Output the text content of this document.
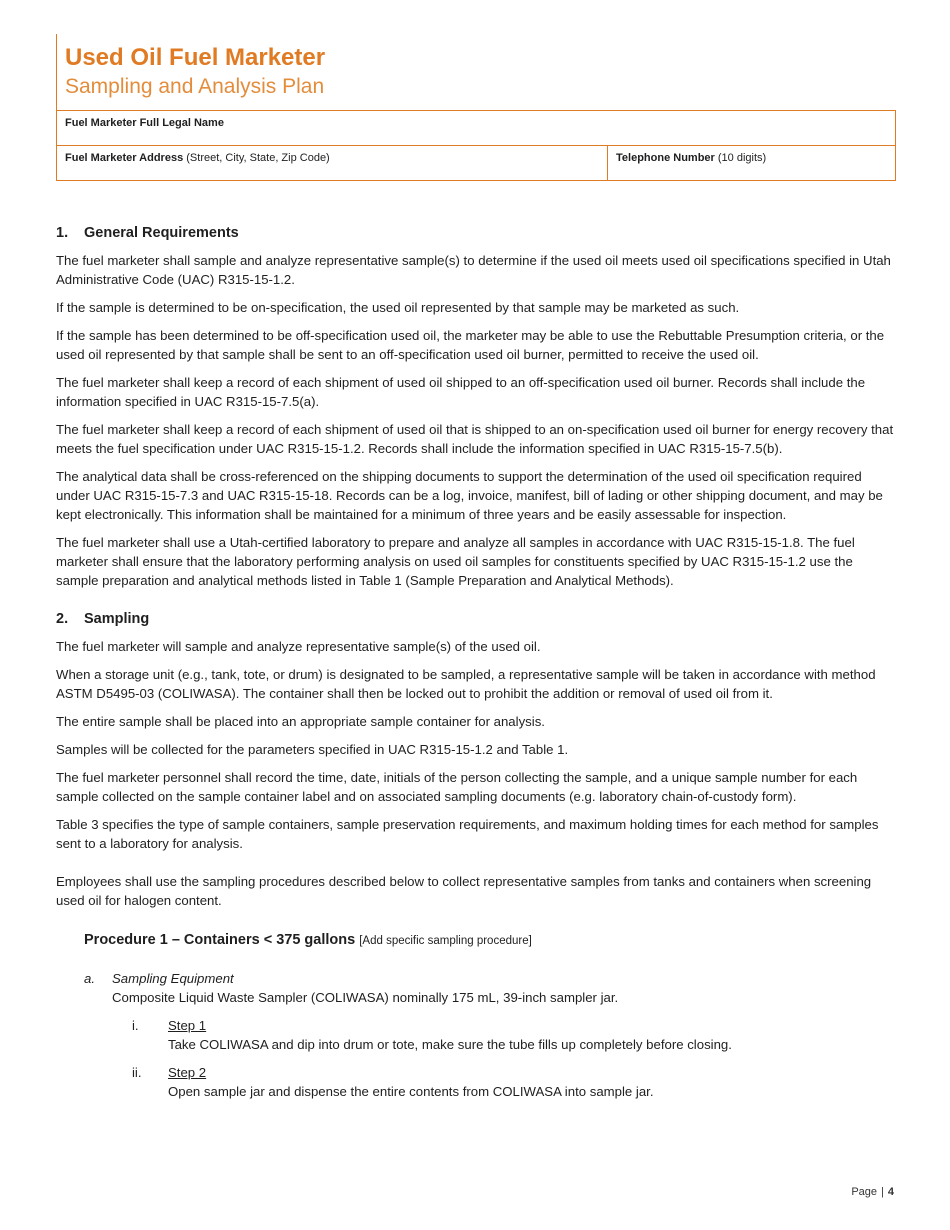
Used Oil Fuel Marketer
Sampling and Analysis Plan
Fuel Marketer Full Legal Name
Fuel Marketer Address (Street, City, State, Zip Code)	Telephone Number (10 digits)
1. General Requirements

The fuel marketer shall sample and analyze representative sample(s) to determine if the used oil meets used oil specifications specified in Utah Administrative Code (UAC) R315-15-1.2.

If the sample is determined to be on-specification, the used oil represented by that sample may be marketed as such.

If the sample has been determined to be off-specification used oil, the marketer may be able to use the Rebuttable Presumption criteria, or the used oil represented by that sample shall be sent to an off-specification used oil burner, permitted to receive the used oil.

The fuel marketer shall keep a record of each shipment of used oil shipped to an off-specification used oil burner. Records shall include the information specified in UAC R315-15-7.5(a).

The fuel marketer shall keep a record of each shipment of used oil that is shipped to an on-specification used oil burner for energy recovery that meets the fuel specification under UAC R315-15-1.2. Records shall include the information specified in UAC R315-15-7.5(b).

The analytical data shall be cross-referenced on the shipping documents to support the determination of the used oil specification required under UAC R315-15-7.3 and UAC R315-15-18. Records can be a log, invoice, manifest, bill of lading or other shipping document, and may be kept electronically. This information shall be maintained for a minimum of three years and be easily assessable for inspection.

The fuel marketer shall use a Utah-certified laboratory to prepare and analyze all samples in accordance with UAC R315-15-1.8. The fuel marketer shall ensure that the laboratory performing analysis on used oil samples for constituents specified by UAC R315-15-1.2 use the sample preparation and analytical methods listed in Table 1 (Sample Preparation and Analytical Methods).

2. Sampling

The fuel marketer will sample and analyze representative sample(s) of the used oil.

When a storage unit (e.g., tank, tote, or drum) is designated to be sampled, a representative sample will be taken in accordance with method ASTM D5495-03 (COLIWASA). The container shall then be locked out to prohibit the addition or removal of used oil from it.

The entire sample shall be placed into an appropriate sample container for analysis.

Samples will be collected for the parameters specified in UAC R315-15-1.2 and Table 1.

The fuel marketer personnel shall record the time, date, initials of the person collecting the sample, and a unique sample number for each sample collected on the sample container label and on associated sampling documents (e.g. laboratory chain-of-custody form).

Table 3 specifies the type of sample containers, sample preservation requirements, and maximum holding times for each method for samples sent to a laboratory for analysis.

Employees shall use the sampling procedures described below to collect representative samples from tanks and containers when screening used oil for halogen content.

Procedure 1 – Containers < 375 gallons [Add specific sampling procedure]
a.	Sampling Equipment
Composite Liquid Waste Sampler (COLIWASA) nominally 175 mL, 39-inch sampler jar.
i.	Step 1
Take COLIWASA and dip into drum or tote, make sure the tube fills up completely before closing.
ii.	Step 2
Open sample jar and dispense the entire contents from COLIWASA into sample jar.
Page | 4
